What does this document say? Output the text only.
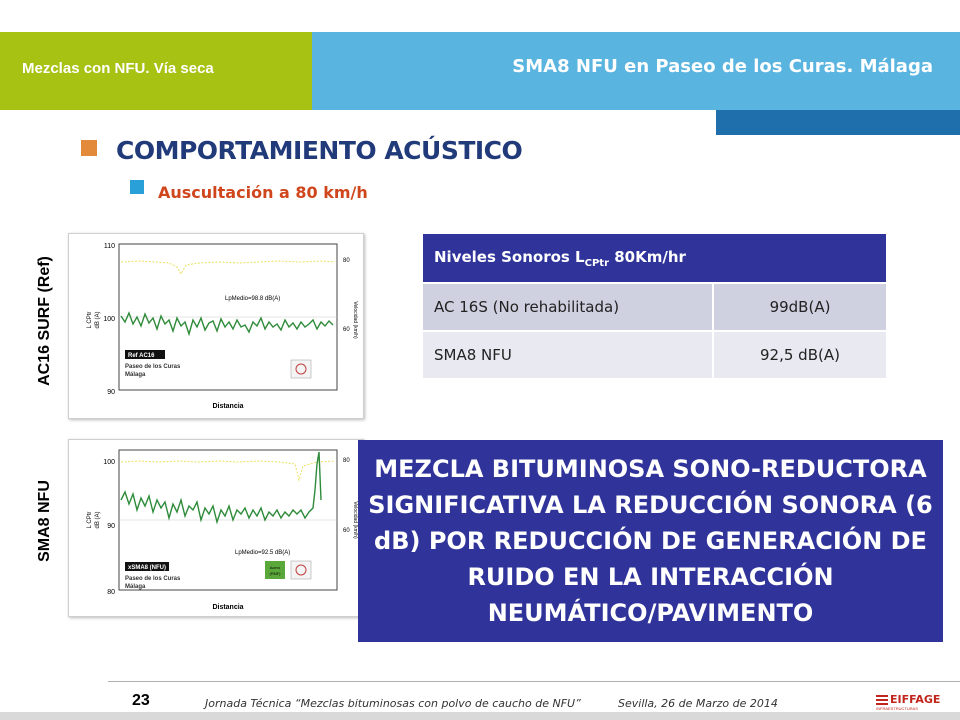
Mezclas con NFU. Vía seca	SMA8 NFU en Paseo de los Curas. Málaga
COMPORTAMIENTO ACÚSTICO
Auscultación a 80 km/h
AC16 SURF (Ref)
SMA8 NFU
110
100
90
80
60
L CPtr dB (A)	Velocidad (km/h)
Distancia
LpMedio=98.8 dB(A)
Ref AC16
Paseo de los Curas
Málaga
100
90
80
80
60
L CPtr dB (A)	Velocidad (km/h)
Distancia
LpMedio=92.5 dB(A)
xSMA8 (NFU)
Paseo de los Curas
Málaga
Acero
(RNF)
Niveles Sonoros $L_{CPtr}$ 80Km/hr	
AC 16S (No rehabilitada)	99dB(A)
SMA8 NFU	92,5 dB(A)
MEZCLA BITUMINOSA SONO-REDUCTORA SIGNIFICATIVA LA REDUCCIÓN SONORA (6 dB) POR REDUCCIÓN DE GENERACIÓN DE RUIDO EN LA INTERACCIÓN NEUMÁTICO/PAVIMENTO
23	Jornada Técnica “Mezclas bituminosas con polvo de caucho de NFU”	Sevilla, 26 de Marzo de 2014	EIFFAGE
INFRAESTRUCTURAS
